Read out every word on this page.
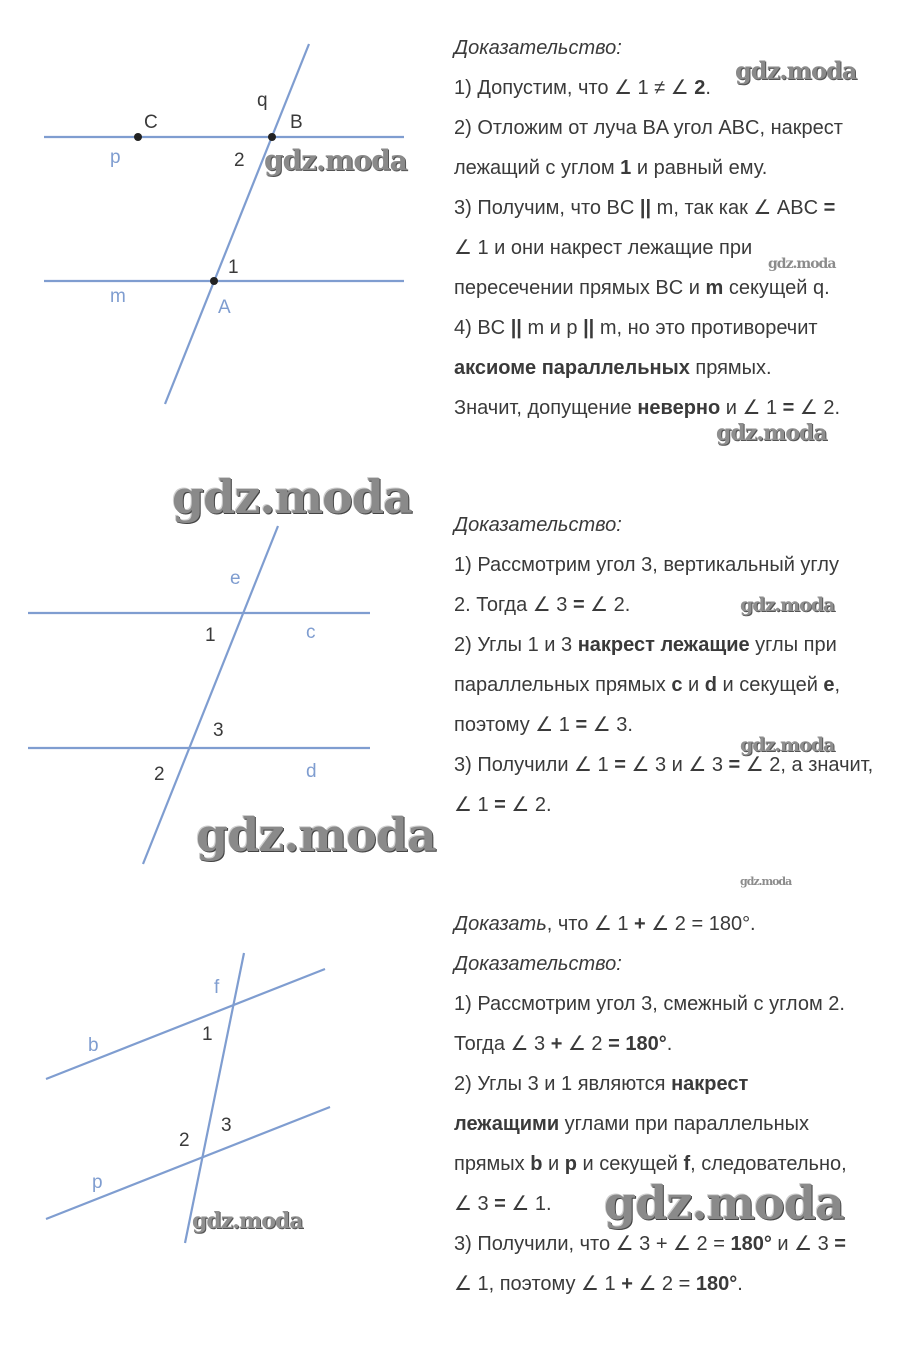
C	B
q
p	2
1
m
A

Доказательство:

1) Допустим, что ∠ 1 ≠ ∠ 2.

2) Отложим от луча BA угол ABC, накрест

лежащий с углом 1 и равный ему.

3) Получим, что BC || m, так как ∠ ABC =

∠ 1 и они накрест лежащие при

пересечении прямых BC и m секущей q.

4) BC || m и p || m, но это противоречит

аксиоме параллельных прямых.

Значит, допущение неверно и ∠ 1 = ∠ 2.

e
c
1
3
2	d

Доказательство:

1) Рассмотрим угол 3, вертикальный углу

2. Тогда ∠ 3 = ∠ 2.

2) Углы 1 и 3 накрест лежащие углы при

параллельных прямых c и d и секущей e,

поэтому ∠ 1 = ∠ 3.

3) Получили ∠ 1 = ∠ 3 и ∠ 3 = ∠ 2, а значит,

∠ 1 = ∠ 2.

f
b
1
3
2
p

Доказать, что ∠ 1 + ∠ 2 = 180°.

Доказательство:

1) Рассмотрим угол 3, смежный с углом 2.

Тогда ∠ 3 + ∠ 2 = 180°.

2) Углы 3 и 1 являются накрест

лежащими углами при параллельных

прямых b и p и секущей f, следовательно,

∠ 3 = ∠ 1.

3) Получили, что ∠ 3 + ∠ 2 = 180° и ∠ 3 =

∠ 1, поэтому ∠ 1 + ∠ 2 = 180°.

gdz.moda
gdz.moda
gdz.moda
gdz.moda
gdz.moda
gdz.moda
gdz.moda
gdz.moda
gdz.moda
gdz.moda
gdz.moda
